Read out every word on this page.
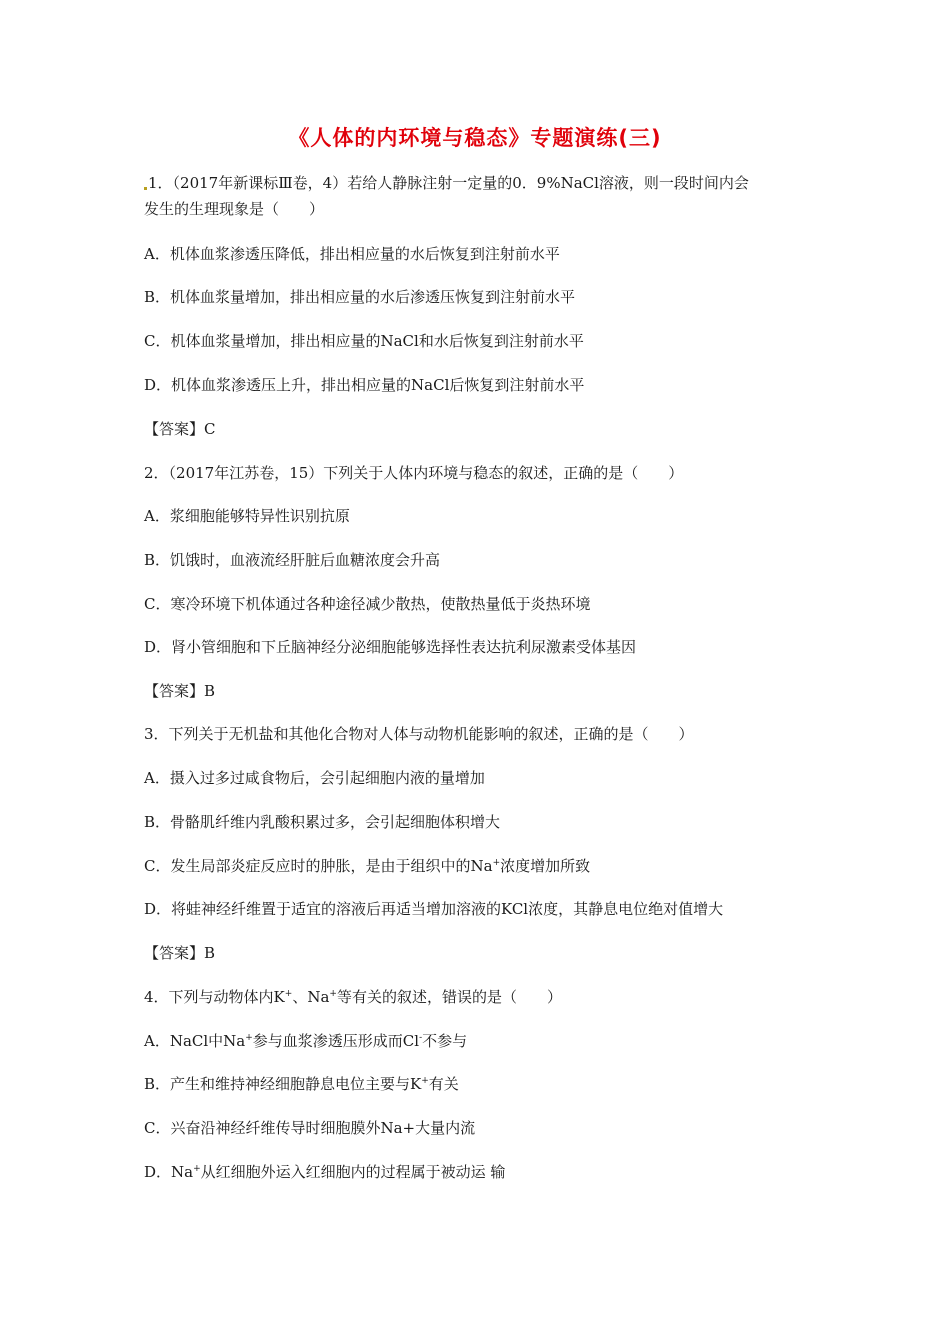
《人体的内环境与稳态》专题演练(三)
1．（2017年新课标Ⅲ卷，4）若给人静脉注射一定量的0．9%NaCl溶液，则一段时间内会
发生的生理现象是（　　）
A．机体血浆渗透压降低，排出相应量的水后恢复到注射前水平
B．机体血浆量增加，排出相应量的水后渗透压恢复到注射前水平
C．机体血浆量增加，排出相应量的NaCl和水后恢复到注射前水平
D．机体血浆渗透压上升，排出相应量的NaCl后恢复到注射前水平
【答案】C
2．（2017年江苏卷，15）下列关于人体内环境与稳态的叙述，正确的是（　　）
A．浆细胞能够特异性识别抗原
B．饥饿时，血液流经肝脏后血糖浓度会升高
C．寒冷环境下机体通过各种途径减少散热，使散热量低于炎热环境
D．肾小管细胞和下丘脑神经分泌细胞能够选择性表达抗利尿激素受体基因
【答案】B
3．下列关于无机盐和其他化合物对人体与动物机能影响的叙述，正确的是（　　）
A．摄入过多过咸食物后，会引起细胞内液的量增加
B．骨骼肌纤维内乳酸积累过多，会引起细胞体积增大
C．发生局部炎症反应时的肿胀，是由于组织中的Na+浓度增加所致
D．将蛙神经纤维置于适宜的溶液后再适当增加溶液的KCl浓度，其静息电位绝对值增大
【答案】B
4．下列与动物体内K+、Na+等有关的叙述，错误的是（　　）
A．NaCl中Na+参与血浆渗透压形成而Cl-不参与
B．产生和维持神经细胞静息电位主要与K+有关
C．兴奋沿神经纤维传导时细胞膜外Na+大量内流
D．Na+从红细胞外运入红细胞内的过程属于被动运 输
